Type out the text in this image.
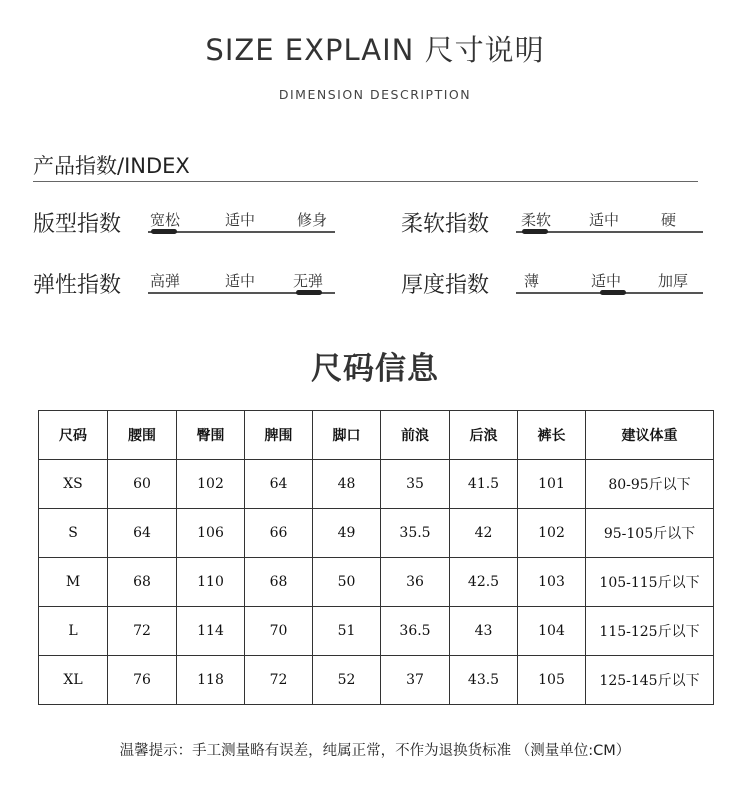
SIZE EXPLAIN 尺寸说明
DIMENSION DESCRIPTION
产品指数/INDEX
版型指数 宽松	适中	修身	柔软指数 柔软	适中	硬
弹性指数 高弹	适中	无弹	厚度指数 薄	适中 加厚
尺码信息
尺码	腰围	臀围	脾围	脚口	前浪	后浪	裤长	建议体重
XS	60	102	64	48	35	41.5	101	80-95斤以下
S	64	106	66	49	35.5	42	102	95-105斤以下
M	68	110	68	50	36	42.5	103	105-115斤以下
L	72	114	70	51	36.5	43	104	115-125斤以下
XL	76	118	72	52	37	43.5	105	125-145斤以下
温馨提示：手工测量略有误差，纯属正常，不作为退换货标准 （测量单位:CM）
